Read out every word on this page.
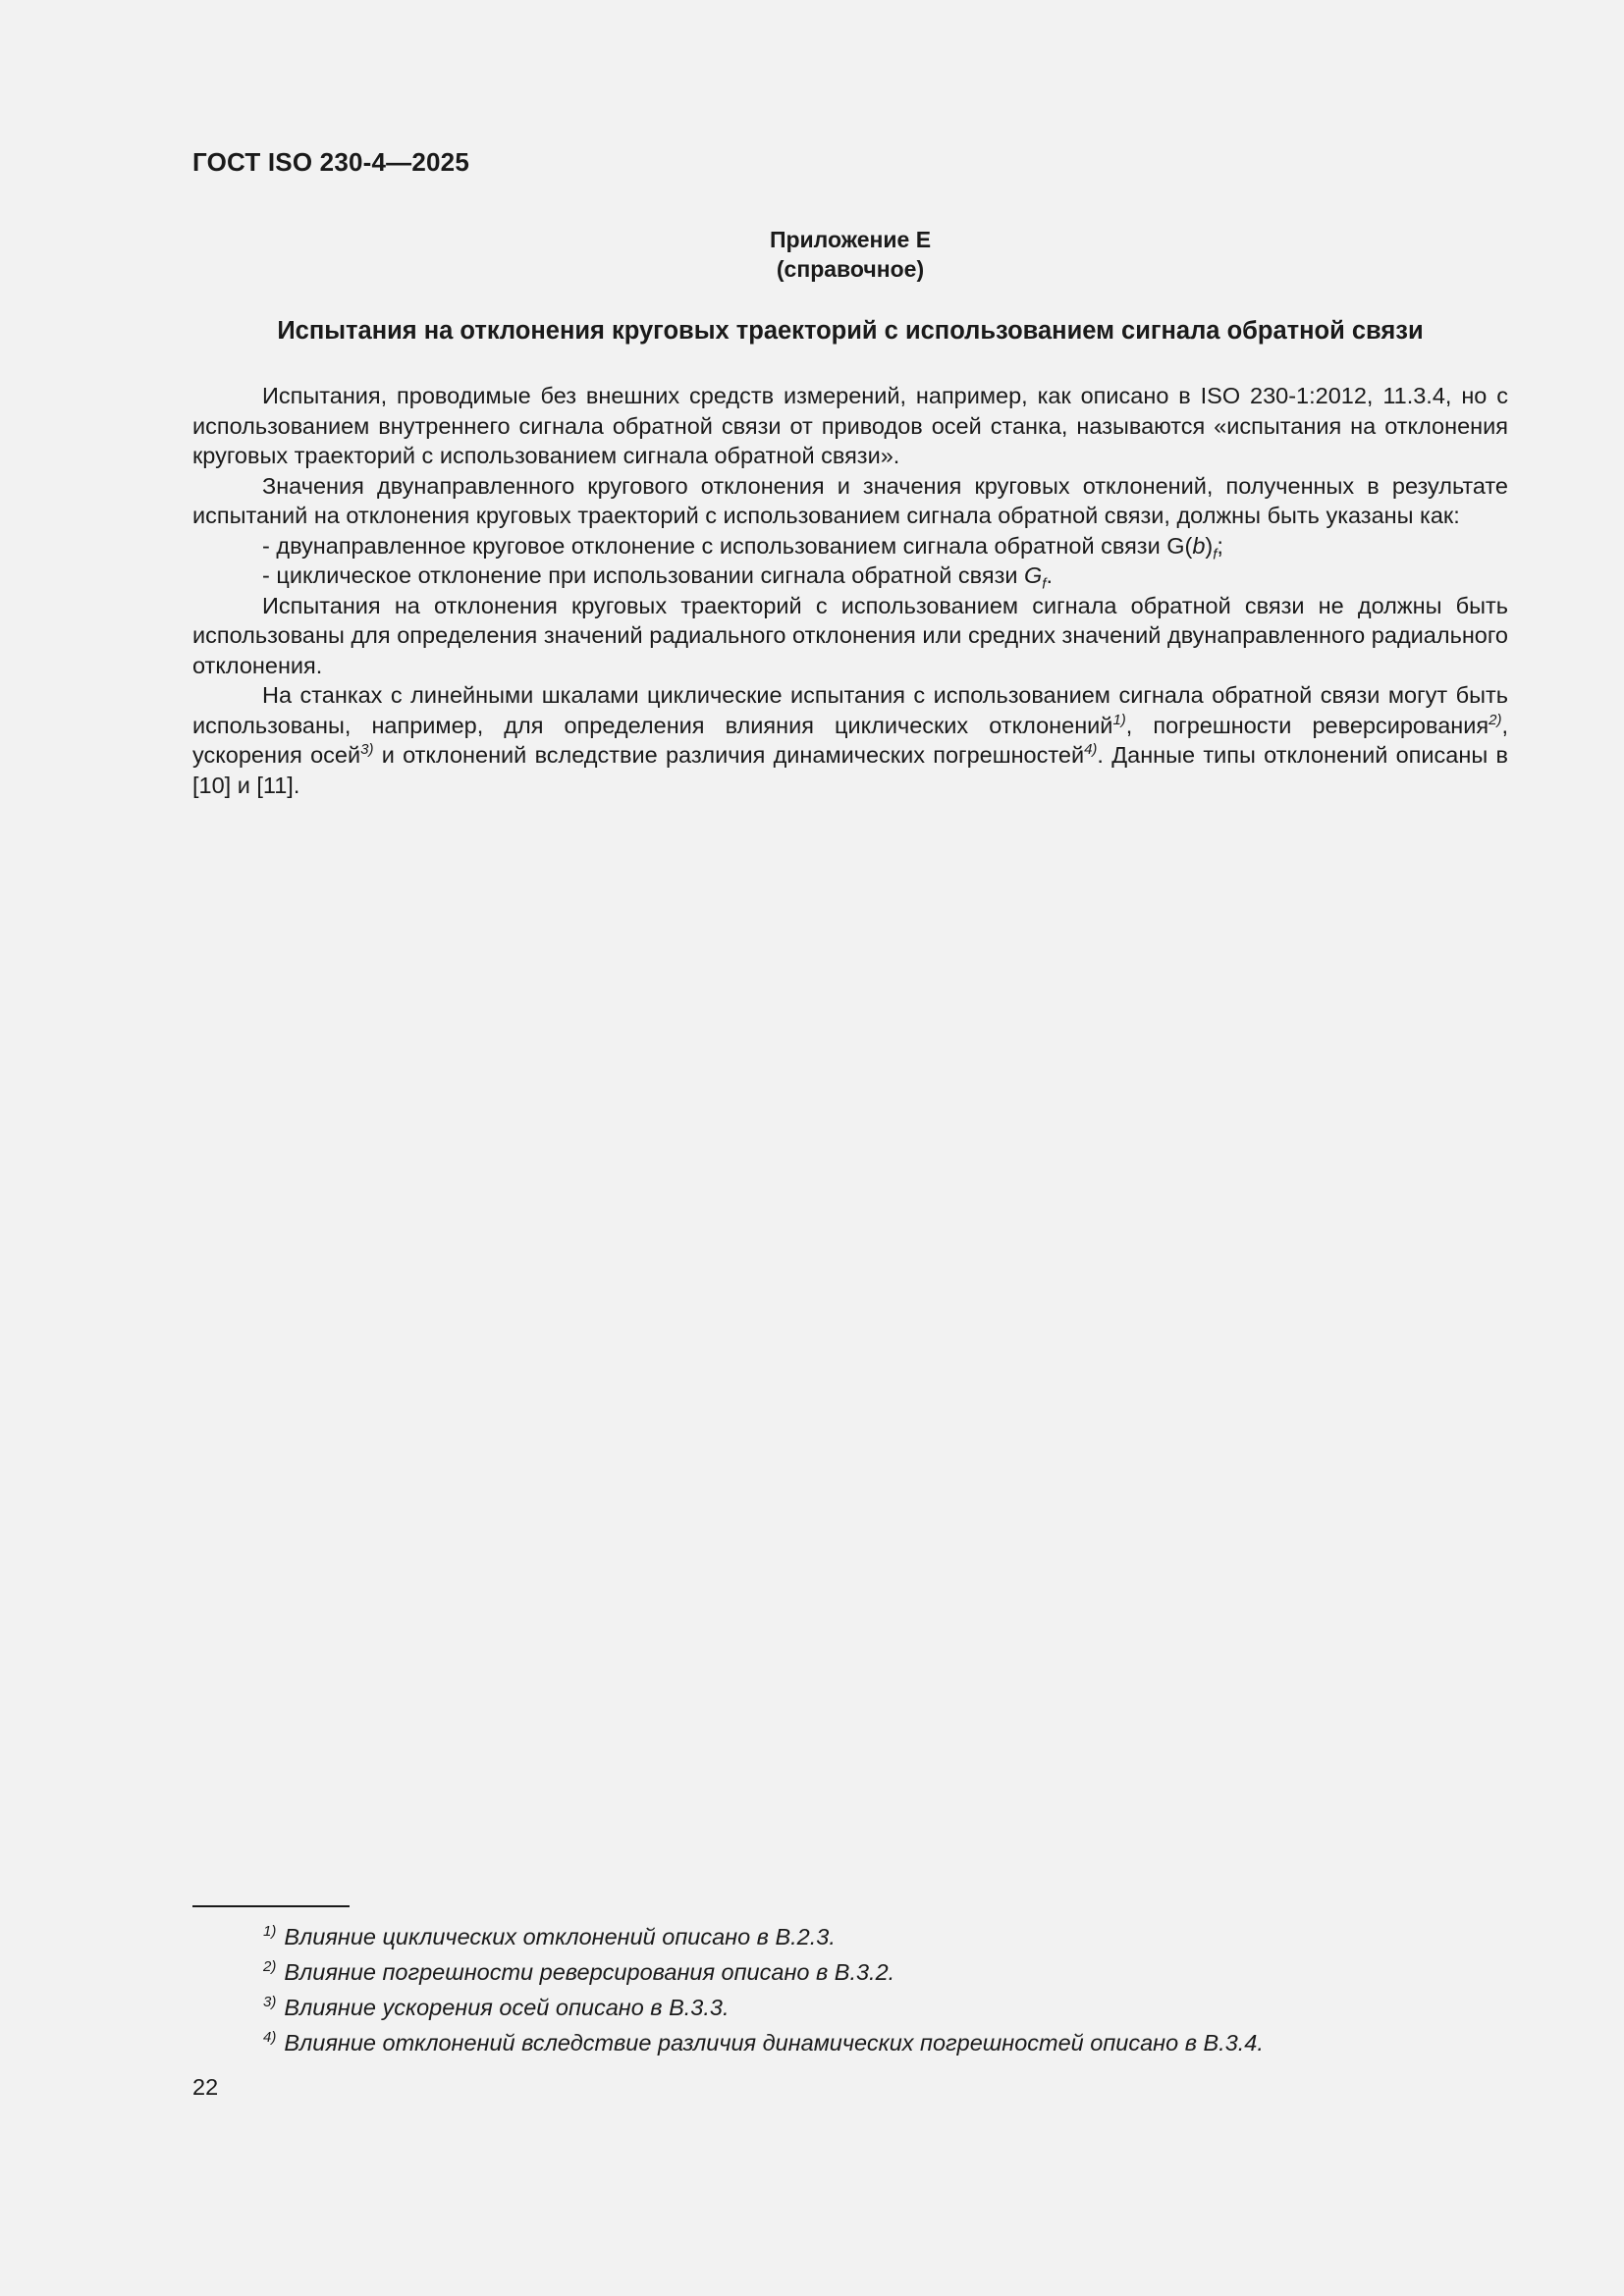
ГОСТ ISO 230-4—2025
Приложение Е
(справочное)
Испытания на отклонения круговых траекторий с использованием сигнала обратной связи

Испытания, проводимые без внешних средств измерений, например, как описано в ISO 230-1:2012, 11.3.4, но с использованием внутреннего сигнала обратной связи от приводов осей станка, называются «испытания на отклонения круговых траекторий с использованием сигнала обратной связи».

Значения двунаправленного кругового отклонения и значения круговых отклонений, полученных в результате испытаний на отклонения круговых траекторий с использованием сигнала обратной связи, должны быть указаны как:

- двунаправленное круговое отклонение с использованием сигнала обратной связи $G(b)_f$;
- циклическое отклонение при использовании сигнала обратной связи $G_f$.

Испытания на отклонения круговых траекторий с использованием сигнала обратной связи не должны быть использованы для определения значений радиального отклонения или средних значений двунаправленного радиального отклонения.

На станках с линейными шкалами циклические испытания с использованием сигнала обратной связи могут быть использованы, например, для определения влияния циклических отклонений$^{1)}$, погрешности реверсирования$^{2)}$, ускорения осей$^{3)}$ и отклонений вследствие различия динамических погрешностей$^{4)}$. Данные типы отклонений описаны в [10] и [11].

$^{1)}$ Влияние циклических отклонений описано в В.2.3.

$^{2)}$ Влияние погрешности реверсирования описано в В.3.2.

$^{3)}$ Влияние ускорения осей описано в В.3.3.

$^{4)}$ Влияние отклонений вследствие различия динамических погрешностей описано в В.3.4.

22
